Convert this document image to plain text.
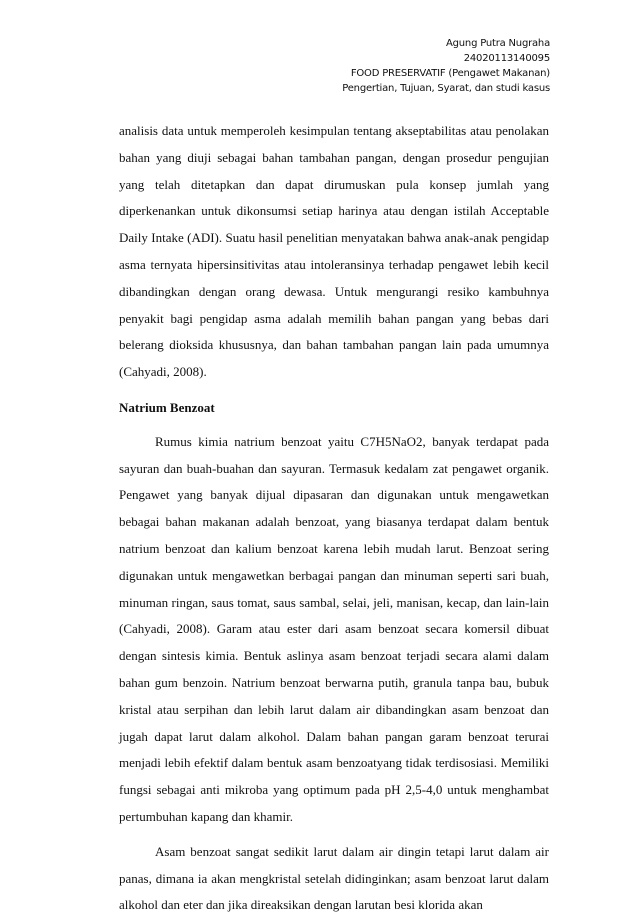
Agung Putra Nugraha
24020113140095
FOOD PRESERVATIF (Pengawet Makanan)
Pengertian, Tujuan, Syarat, dan studi kasus

analisis data untuk memperoleh kesimpulan tentang akseptabilitas atau penolakan bahan yang diuji sebagai bahan tambahan pangan, dengan prosedur pengujian yang telah ditetapkan dan dapat dirumuskan pula konsep jumlah yang diperkenankan untuk dikonsumsi setiap harinya atau dengan istilah Acceptable Daily Intake (ADI). Suatu hasil penelitian menyatakan bahwa anak-anak pengidap asma ternyata hipersinsitivitas atau intoleransinya terhadap pengawet lebih kecil dibandingkan dengan orang dewasa. Untuk mengurangi resiko kambuhnya penyakit bagi pengidap asma adalah memilih bahan pangan yang bebas dari belerang dioksida khususnya, dan bahan tambahan pangan lain pada umumnya (Cahyadi, 2008).

Natrium Benzoat

Rumus kimia natrium benzoat yaitu C7H5NaO2, banyak terdapat pada sayuran dan buah-buahan dan sayuran. Termasuk kedalam zat pengawet organik. Pengawet yang banyak dijual dipasaran dan digunakan untuk mengawetkan bebagai bahan makanan adalah benzoat, yang biasanya terdapat dalam bentuk natrium benzoat dan kalium benzoat karena lebih mudah larut. Benzoat sering digunakan untuk mengawetkan berbagai pangan dan minuman seperti sari buah, minuman ringan, saus tomat, saus sambal, selai, jeli, manisan, kecap, dan lain-lain (Cahyadi, 2008). Garam atau ester dari asam benzoat secara komersil dibuat dengan sintesis kimia. Bentuk aslinya asam benzoat terjadi secara alami dalam bahan gum benzoin. Natrium benzoat berwarna putih, granula tanpa bau, bubuk kristal atau serpihan dan lebih larut dalam air dibandingkan asam benzoat dan jugah dapat larut dalam alkohol. Dalam bahan pangan garam benzoat terurai menjadi lebih efektif dalam bentuk asam benzoatyang tidak terdisosiasi. Memiliki fungsi sebagai anti mikroba yang optimum pada pH 2,5-4,0 untuk menghambat pertumbuhan kapang dan khamir.

Asam benzoat sangat sedikit larut dalam air dingin tetapi larut dalam air panas, dimana ia akan mengkristal setelah didinginkan; asam benzoat larut dalam alkohol dan eter dan jika direaksikan dengan larutan besi klorida akan
